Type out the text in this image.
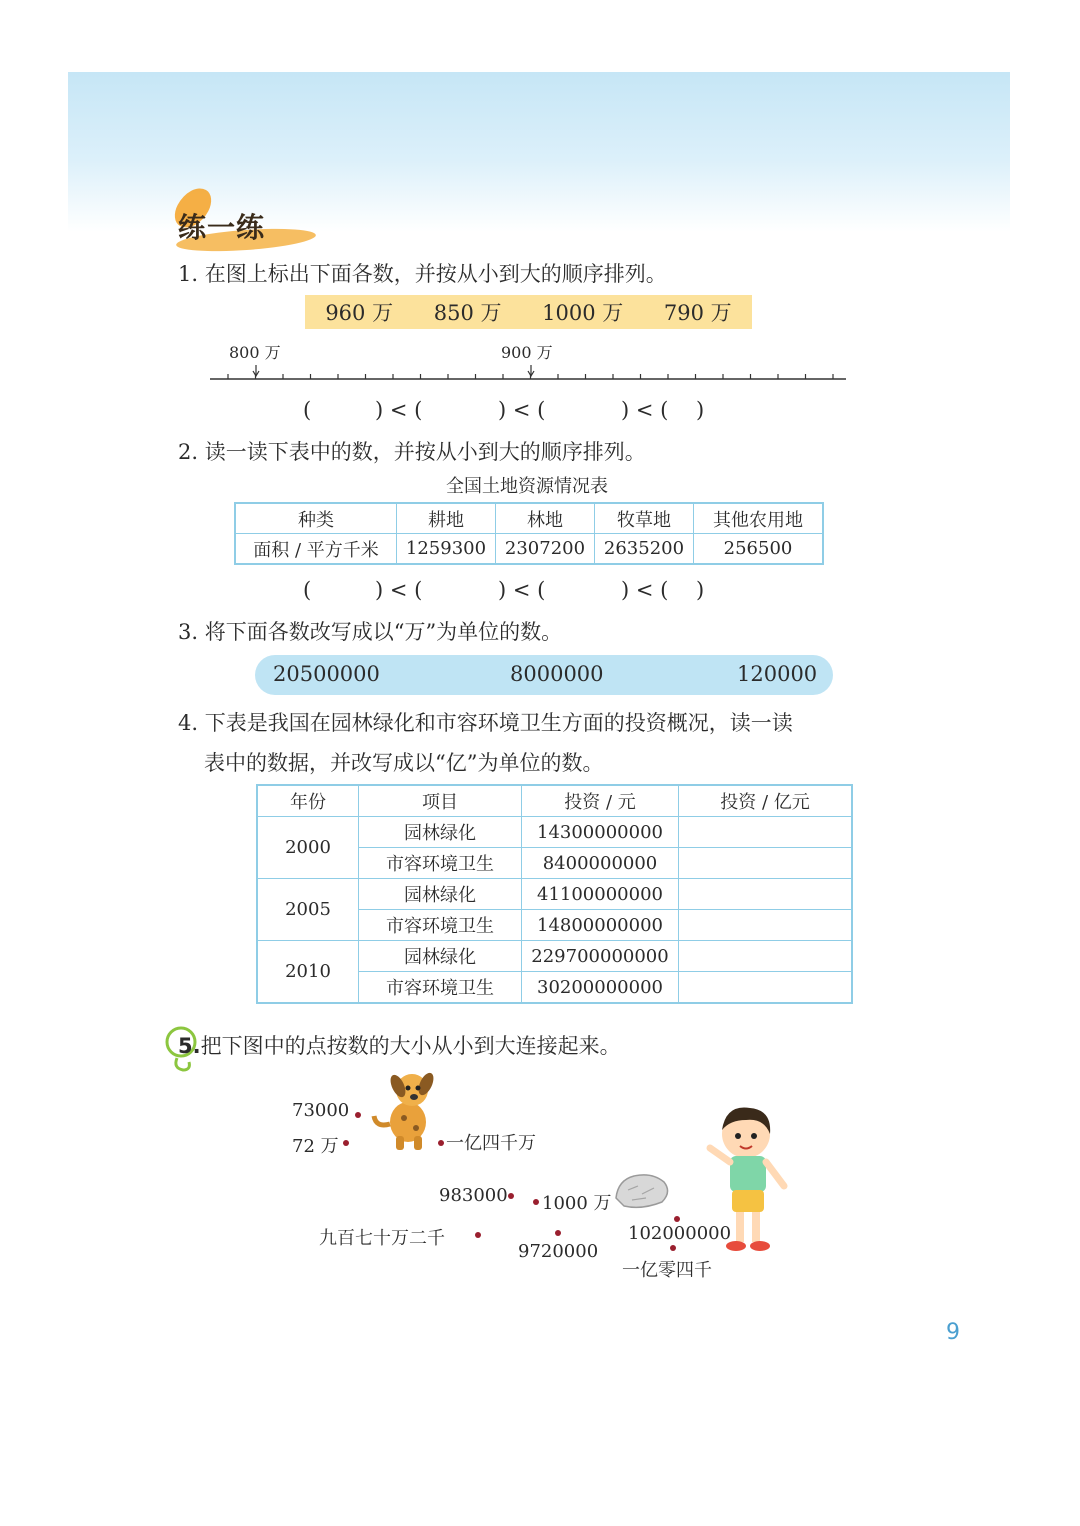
练一练
1. 在图上标出下面各数，并按从小到大的顺序排列。
960 万 850 万 1000 万 790 万
800 万	900 万
(	) < (	) < (	) < (	)
2. 读一读下表中的数，并按从小到大的顺序排列。
全国土地资源情况表
种类	耕地	林地	牧草地	其他农用地
面积 / 平方千米	1259300	2307200	2635200	256500
(	) < (	) < (	) < (	)
3. 将下面各数改写成以“万”为单位的数。
20500000	8000000	120000
4. 下表是我国在园林绿化和市容环境卫生方面的投资概况，读一读
表中的数据，并改写成以“亿”为单位的数。
年份	项目	投资 / 元	投资 / 亿元
2000	园林绿化	14300000000	
	市容环境卫生	8400000000	
2005	园林绿化	41100000000	
	市容环境卫生	14800000000	
2010	园林绿化	229700000000	
	市容环境卫生	30200000000	
5.把下图中的点按数的大小从小到大连接起来。
73000
72 万	一亿四千万
983000 1000 万
九百七十万二千
9720000
102000000
一亿零四千
9
